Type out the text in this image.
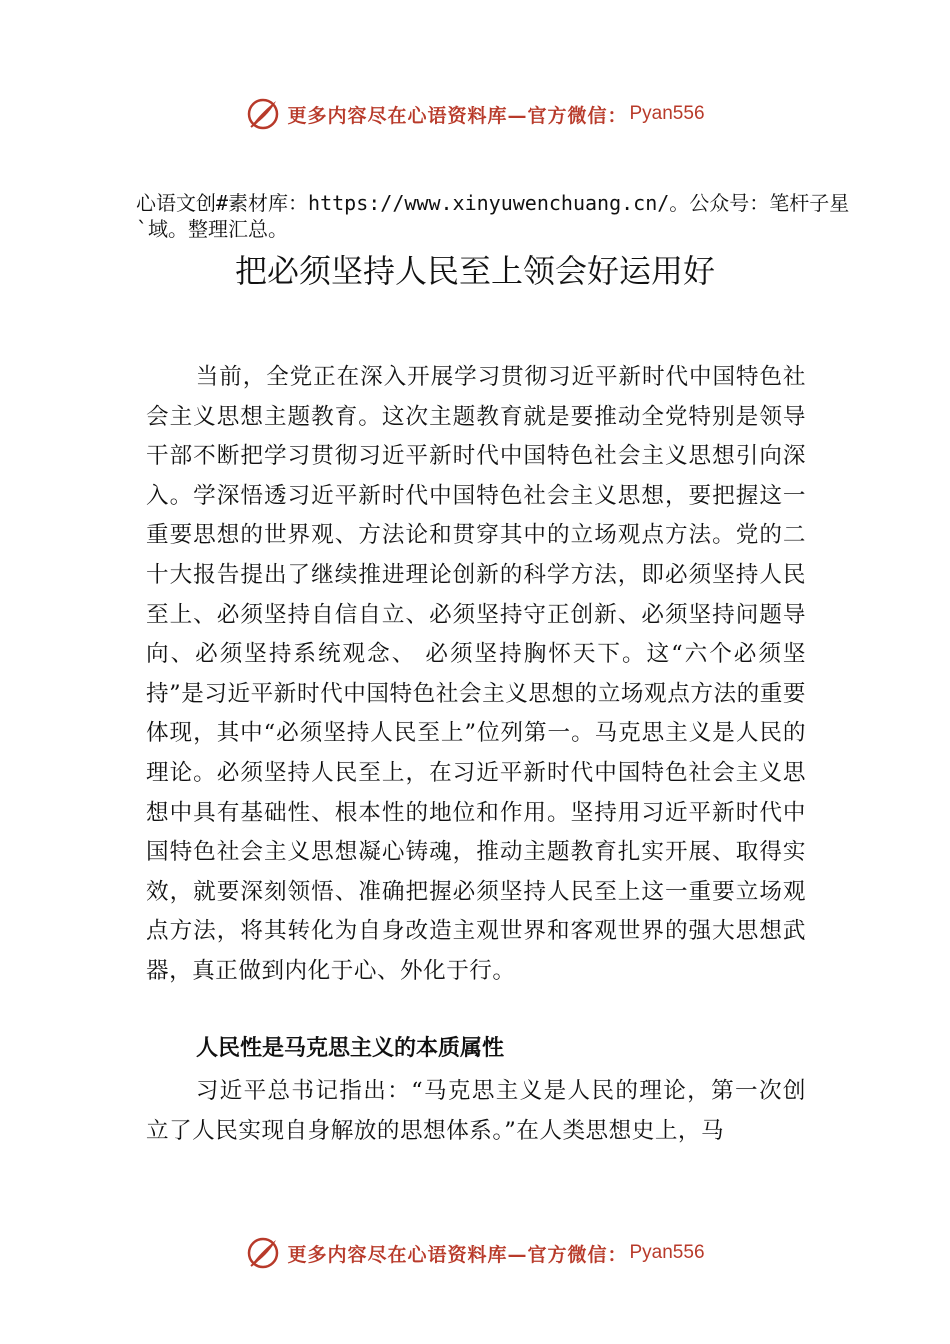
更多内容尽在心语资料库—官方微信： Pyan556
心语文创#素材库：https://www.xinyuwenchuang.cn/。公众号：笔杆子星`域。整理汇总。
把必须坚持人民至上领会好运用好

当前，全党正在深入开展学习贯彻习近平新时代中国特色社会主义思想主题教育。这次主题教育就是要推动全党特别是领导干部不断把学习贯彻习近平新时代中国特色社会主义思想引向深入。学深悟透习近平新时代中国特色社会主义思想，要把握这一重要思想的世界观、方法论和贯穿其中的立场观点方法。党的二十大报告提出了继续推进理论创新的科学方法，即必须坚持人民至上、必须坚持自信自立、必须坚持守正创新、必须坚持问题导向、必须坚持系统观念、 必须坚持胸怀天下。这“六个必须坚持”是习近平新时代中国特色社会主义思想的立场观点方法的重要体现，其中“必须坚持人民至上”位列第一。马克思主义是人民的理论。必须坚持人民至上，在习近平新时代中国特色社会主义思想中具有基础性、根本性的地位和作用。坚持用习近平新时代中国特色社会主义思想凝心铸魂，推动主题教育扎实开展、取得实效，就要深刻领悟、准确把握必须坚持人民至上这一重要立场观点方法，将其转化为自身改造主观世界和客观世界的强大思想武器，真正做到内化于心、外化于行。

人民性是马克思主义的本质属性

习近平总书记指出：“马克思主义是人民的理论，第一次创立了人民实现自身解放的思想体系。”在人类思想史上，马

更多内容尽在心语资料库—官方微信： Pyan556
